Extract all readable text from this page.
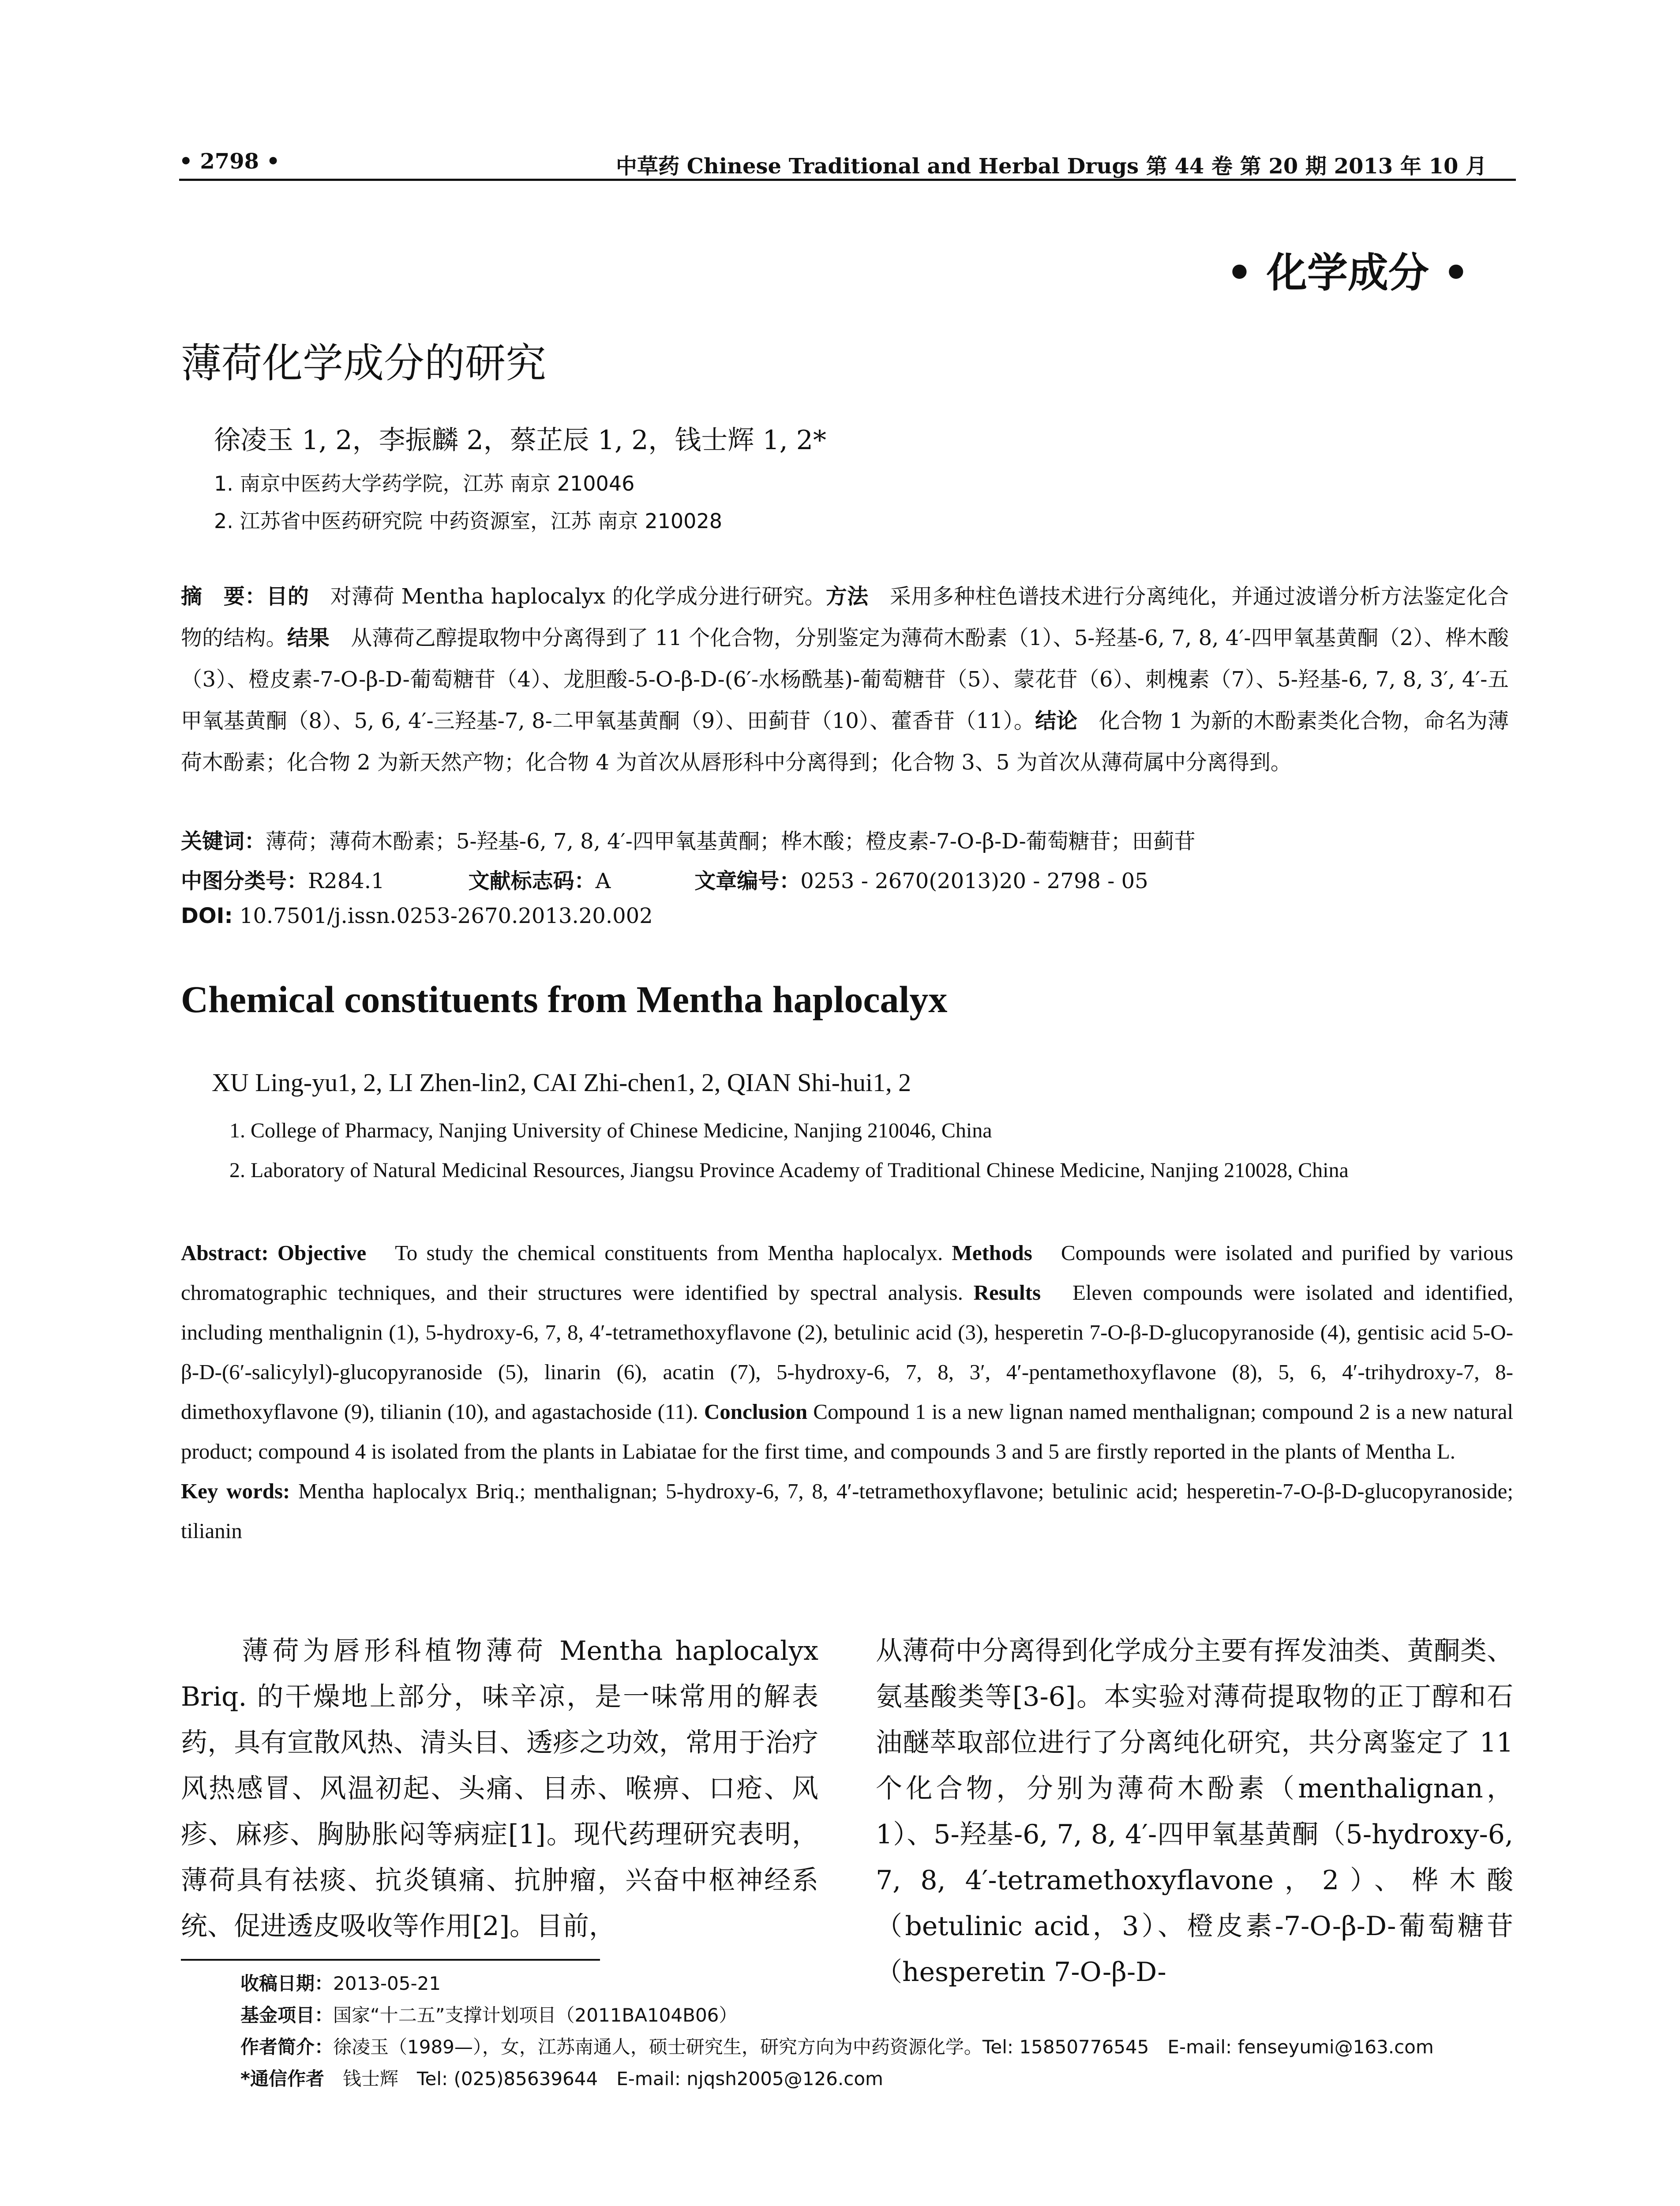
• 2798 •	中草药 Chinese Traditional and Herbal Drugs 第 44 卷 第 20 期 2013 年 10 月
• 化学成分 •
薄荷化学成分的研究
徐凌玉 1, 2，李振麟 2，蔡芷辰 1, 2，钱士辉 1, 2*
1. 南京中医药大学药学院，江苏 南京 210046
2. 江苏省中医药研究院 中药资源室，江苏 南京 210028

摘　要：目的　对薄荷 Mentha haplocalyx 的化学成分进行研究。方法　采用多种柱色谱技术进行分离纯化，并通过波谱分析方法鉴定化合物的结构。结果　从薄荷乙醇提取物中分离得到了 11 个化合物，分别鉴定为薄荷木酚素（1）、5-羟基-6, 7, 8, 4′-四甲氧基黄酮（2）、桦木酸（3）、橙皮素-7-O-β-D-葡萄糖苷（4）、龙胆酸-5-O-β-D-(6′-水杨酰基)-葡萄糖苷（5）、蒙花苷（6）、刺槐素（7）、5-羟基-6, 7, 8, 3′, 4′-五甲氧基黄酮（8）、5, 6, 4′-三羟基-7, 8-二甲氧基黄酮（9）、田蓟苷（10）、藿香苷（11）。结论　化合物 1 为新的木酚素类化合物，命名为薄荷木酚素；化合物 2 为新天然产物；化合物 4 为首次从唇形科中分离得到；化合物 3、5 为首次从薄荷属中分离得到。

关键词：薄荷；薄荷木酚素；5-羟基-6, 7, 8, 4′-四甲氧基黄酮；桦木酸；橙皮素-7-O-β-D-葡萄糖苷；田蓟苷
中图分类号：R284.1	文献标志码：A	文章编号：0253 - 2670(2013)20 - 2798 - 05
DOI: 10.7501/j.issn.0253-2670.2013.20.002
Chemical constituents from Mentha haplocalyx
XU Ling-yu1, 2, LI Zhen-lin2, CAI Zhi-chen1, 2, QIAN Shi-hui1, 2
1. College of Pharmacy, Nanjing University of Chinese Medicine, Nanjing 210046, China
2. Laboratory of Natural Medicinal Resources, Jiangsu Province Academy of Traditional Chinese Medicine, Nanjing 210028, China

Abstract: Objective　To study the chemical constituents from Mentha haplocalyx. Methods　Compounds were isolated and purified by various chromatographic techniques, and their structures were identified by spectral analysis. Results　Eleven compounds were isolated and identified, including menthalignin (1), 5-hydroxy-6, 7, 8, 4′-tetramethoxyflavone (2), betulinic acid (3), hesperetin 7-O-β-D-glucopyranoside (4), gentisic acid 5-O-β-D-(6′-salicylyl)-glucopyranoside (5), linarin (6), acatin (7), 5-hydroxy-6, 7, 8, 3′, 4′-pentamethoxyflavone (8), 5, 6, 4′-trihydroxy-7, 8-dimethoxyflavone (9), tilianin (10), and agastachoside (11). Conclusion Compound 1 is a new lignan named menthalignan; compound 2 is a new natural product; compound 4 is isolated from the plants in Labiatae for the first time, and compounds 3 and 5 are firstly reported in the plants of Mentha L.

Key words: Mentha haplocalyx Briq.; menthalignan; 5-hydroxy-6, 7, 8, 4′-tetramethoxyflavone; betulinic acid; hesperetin-7-O-β-D-glucopyranoside; tilianin

　　薄荷为唇形科植物薄荷 Mentha haplocalyx Briq. 的干燥地上部分，味辛凉，是一味常用的解表药，具有宣散风热、清头目、透疹之功效，常用于治疗风热感冒、风温初起、头痛、目赤、喉痹、口疮、风疹、麻疹、胸胁胀闷等病症[1]。现代药理研究表明，薄荷具有祛痰、抗炎镇痛、抗肿瘤，兴奋中枢神经系统、促进透皮吸收等作用[2]。目前，

从薄荷中分离得到化学成分主要有挥发油类、黄酮类、氨基酸类等[3-6]。本实验对薄荷提取物的正丁醇和石油醚萃取部位进行了分离纯化研究，共分离鉴定了 11 个化合物，分别为薄荷木酚素（menthalignan，1）、5-羟基-6, 7, 8, 4′-四甲氧基黄酮（5-hydroxy-6, 7, 8, 4′-tetramethoxyflavone，2）、桦木酸（betulinic acid，3）、橙皮素-7-O-β-D-葡萄糖苷（hesperetin 7-O-β-D-

收稿日期：2013-05-21
基金项目：国家“十二五”支撑计划项目（2011BA104B06）
作者简介：徐凌玉（1989—），女，江苏南通人，硕士研究生，研究方向为中药资源化学。Tel: 15850776545　E-mail: fenseyumi@163.com
*通信作者　钱士辉　Tel: (025)85639644　E-mail: njqsh2005@126.com
